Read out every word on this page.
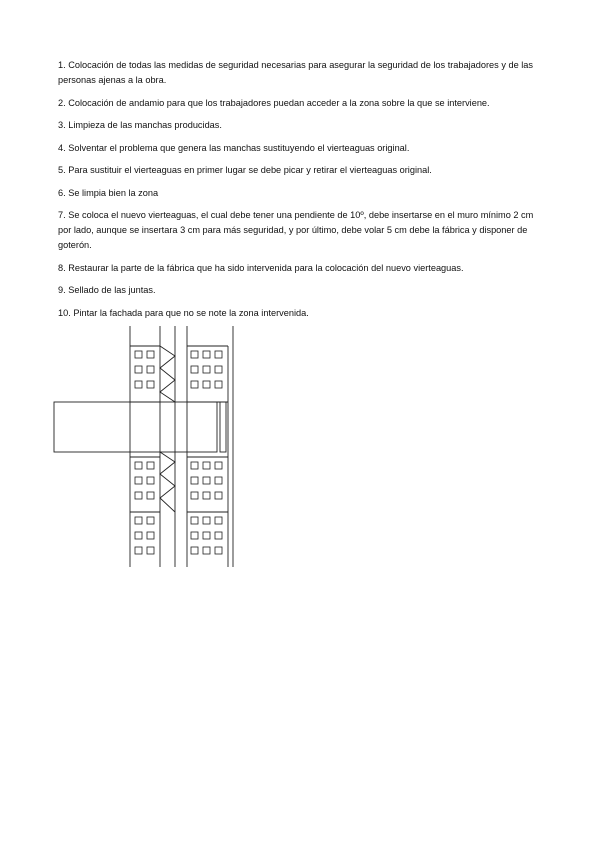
1. Colocación de todas las medidas de seguridad necesarias para asegurar la seguridad de los trabajadores y de las personas ajenas a la obra.

2. Colocación de andamio para que los trabajadores puedan acceder a la zona sobre la que se interviene.

3. Limpieza de las manchas producidas.

4. Solventar el problema que genera las manchas sustituyendo el vierteaguas original.

5. Para sustituir el vierteaguas en primer lugar se debe picar y retirar el vierteaguas original.

6. Se limpia bien la zona

7. Se coloca el nuevo vierteaguas, el cual debe tener una pendiente de 10º, debe insertarse en el muro mínimo 2 cm por lado, aunque se insertara 3 cm para más seguridad, y por último, debe volar 5 cm debe la fábrica y disponer de goterón.

8. Restaurar la parte de la fábrica que ha sido intervenida para la colocación del nuevo vierteaguas.

9. Sellado de las juntas.

10. Pintar la fachada para que no se note la zona intervenida.
